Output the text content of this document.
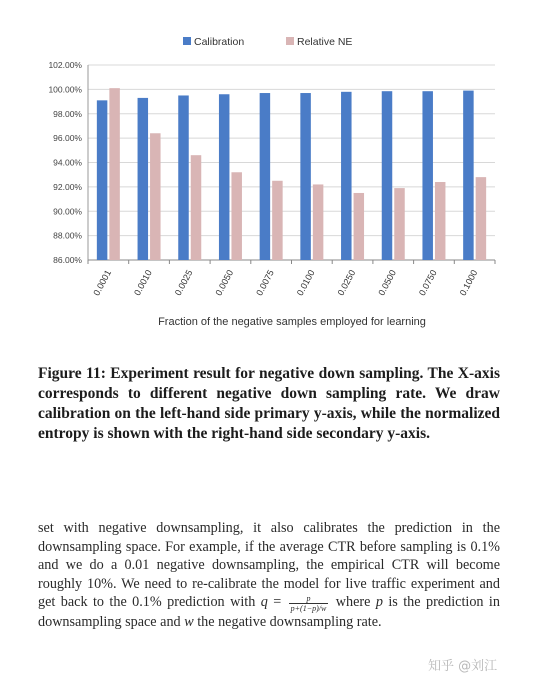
Calibration	Relative NE
86.00%
88.00%
90.00%
92.00%
94.00%
96.00%
98.00%
100.00%
102.00%
0.0001 0.0010 0.0025 0.0050 0.0075 0.0100 0.0250 0.0500 0.0750 0.1000
Fraction of the negative samples employed for learning

Figure 11: Experiment result for negative down sampling. The X-axis corresponds to different negative down sampling rate. We draw calibration on the left-hand side primary y-axis, while the normalized entropy is shown with the right-hand side secondary y-axis.

set with negative downsampling, it also calibrates the prediction in the downsampling space. For example, if the average CTR before sampling is 0.1% and we do a 0.01 negative downsampling, the empirical CTR will become roughly 10%. We need to re-calibrate the model for live traffic experiment and get back to the 0.1% prediction with $q = \frac{p}{p+(1-p)/w}$ where p is the prediction in downsampling space and w the negative downsampling rate.

知乎 @刘江
